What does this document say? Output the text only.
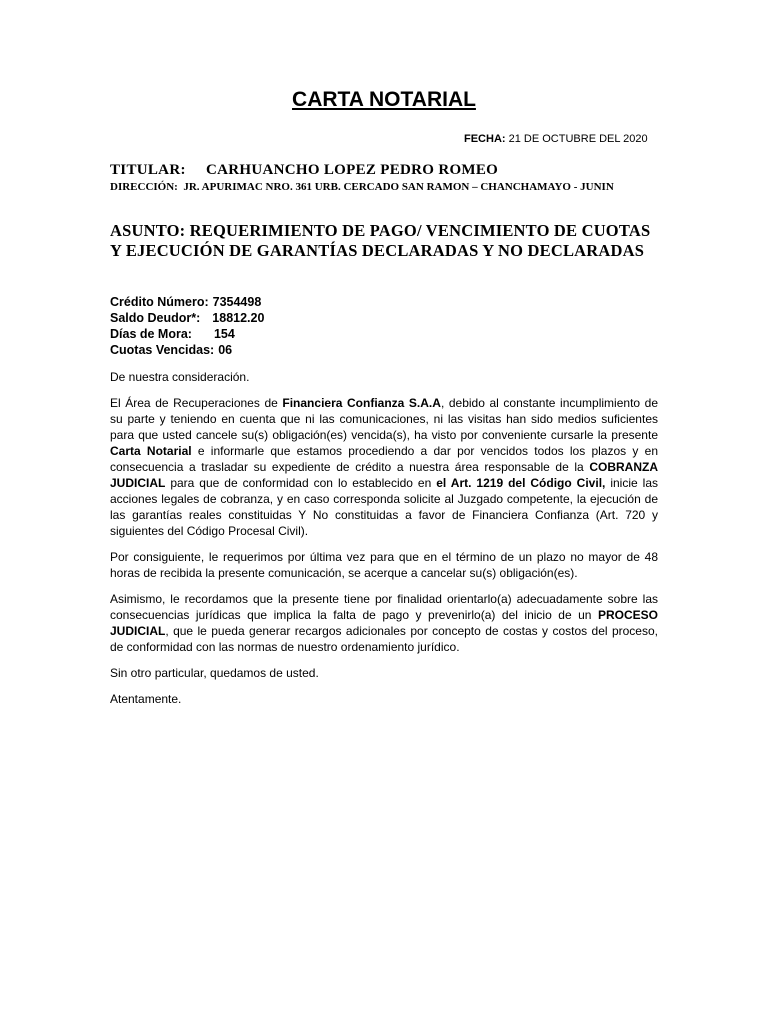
CARTA NOTARIAL
FECHA: 21 DE OCTUBRE DEL 2020
TITULAR: CARHUANCHO LOPEZ PEDRO ROMEO
DIRECCIÓN: JR. APURIMAC NRO. 361 URB. CERCADO SAN RAMON – CHANCHAMAYO - JUNIN
ASUNTO: REQUERIMIENTO DE PAGO/ VENCIMIENTO DE CUOTAS Y EJECUCIÓN DE GARANTÍAS DECLARADAS Y NO DECLARADAS
Crédito Número: 7354498
Saldo Deudor*: 18812.20
Días de Mora: 154
Cuotas Vencidas: 06

De nuestra consideración.

El Área de Recuperaciones de Financiera Confianza S.A.A, debido al constante incumplimiento de su parte y teniendo en cuenta que ni las comunicaciones, ni las visitas han sido medios suficientes para que usted cancele su(s) obligación(es) vencida(s), ha visto por conveniente cursarle la presente Carta Notarial e informarle que estamos procediendo a dar por vencidos todos los plazos y en consecuencia a trasladar su expediente de crédito a nuestra área responsable de la COBRANZA JUDICIAL para que de conformidad con lo establecido en el Art. 1219 del Código Civil, inicie las acciones legales de cobranza, y en caso corresponda solicite al Juzgado competente, la ejecución de las garantías reales constituidas Y No constituidas a favor de Financiera Confianza (Art. 720 y siguientes del Código Procesal Civil).

Por consiguiente, le requerimos por última vez para que en el término de un plazo no mayor de 48 horas de recibida la presente comunicación, se acerque a cancelar su(s) obligación(es).

Asimismo, le recordamos que la presente tiene por finalidad orientarlo(a) adecuadamente sobre las consecuencias jurídicas que implica la falta de pago y prevenirlo(a) del inicio de un PROCESO JUDICIAL, que le pueda generar recargos adicionales por concepto de costas y costos del proceso, de conformidad con las normas de nuestro ordenamiento jurídico.

Sin otro particular, quedamos de usted.

Atentamente.
